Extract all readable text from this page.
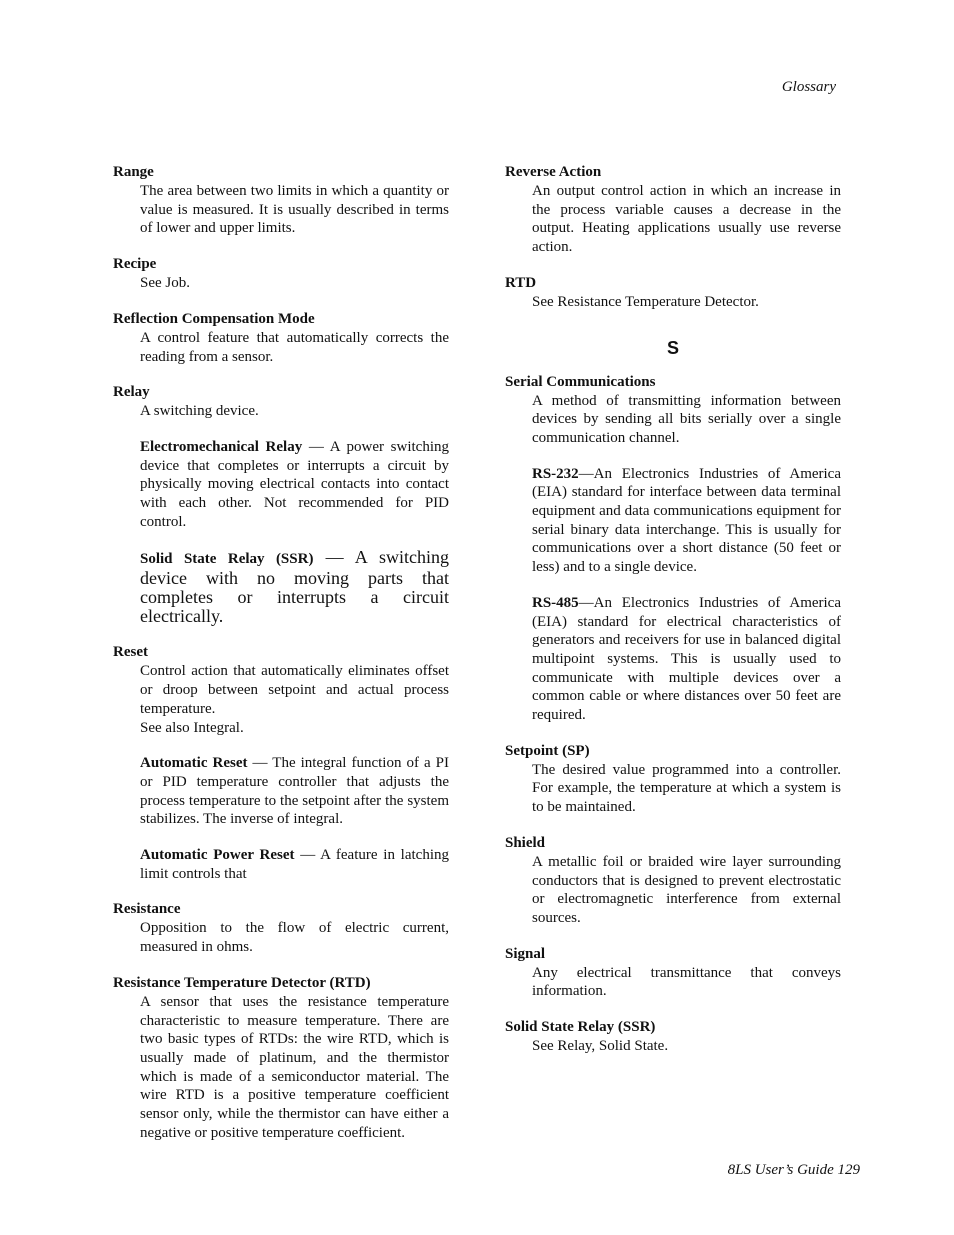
Glossary
Range

The area between two limits in which a quantity or value is measured. It is usually described in terms of lower and upper limits.

Recipe

See Job.

Reflection Compensation Mode

A control feature that automatically corrects the reading from a sensor.

Relay

A switching device.

Electromechanical Relay — A power switching device that completes or interrupts a circuit by physically moving electrical contacts into contact with each other. Not recommended for PID control.

Solid State Relay (SSR) — A switching device with no moving parts that completes or interrupts a circuit electrically.

Reset

Control action that automatically eliminates offset or droop between setpoint and actual process temperature.

See also Integral.

Automatic Reset — The integral function of a PI or PID temperature controller that adjusts the process temperature to the setpoint after the system stabilizes. The inverse of integral.

Automatic Power Reset — A feature in latching limit controls that

Resistance

Opposition to the flow of electric current, measured in ohms.

Resistance Temperature Detector (RTD)

A sensor that uses the resistance temperature characteristic to measure temperature. There are two basic types of RTDs: the wire RTD, which is usually made of platinum, and the thermistor which is made of a semiconductor material. The wire RTD is a positive temperature coefficient sensor only, while the thermistor can have either a negative or positive temperature coefficient.

Reverse Action

An output control action in which an increase in the process variable causes a decrease in the output. Heating applications usually use reverse action.

RTD

See Resistance Temperature Detector.

S
Serial Communications

A method of transmitting information between devices by sending all bits serially over a single communication channel.

RS-232—An Electronics Industries of America (EIA) standard for interface between data terminal equipment and data communications equipment for serial binary data interchange. This is usually for communications over a short distance (50 feet or less) and to a single device.

RS-485—An Electronics Industries of America (EIA) standard for electrical characteristics of generators and receivers for use in balanced digital multipoint systems. This is usually used to communicate with multiple devices over a common cable or where distances over 50 feet are required.

Setpoint (SP)

The desired value programmed into a controller. For example, the temperature at which a system is to be maintained.

Shield

A metallic foil or braided wire layer surrounding conductors that is designed to prevent electrostatic or electromagnetic interference from external sources.

Signal

Any electrical transmittance that conveys information.

Solid State Relay (SSR)

See Relay, Solid State.

8LS User’s Guide 129
